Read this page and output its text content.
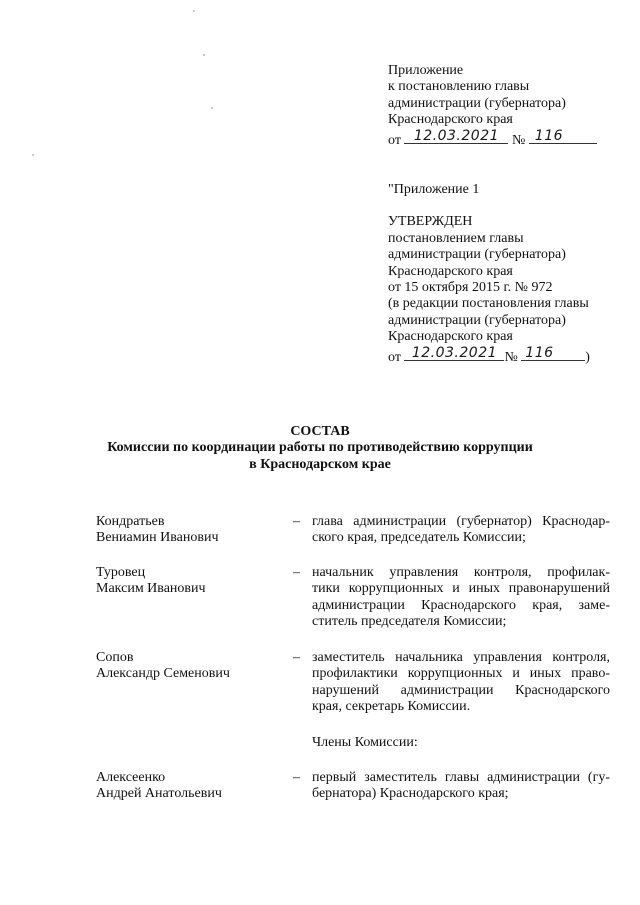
Приложение
к постановлению главы
администрации (губернатора)
Краснодарского края
от 12.03.2021 № 116
"Приложение 1
УТВЕРЖДЕН
постановлением главы
администрации (губернатора)
Краснодарского края
от 15 октября 2015 г. № 972
(в редакции постановления главы
администрации (губернатора)
Краснодарского края
от 12.03.2021 № 116	)
СОСТАВ
Комиссии по координации работы по противодействию коррупции
в Краснодарском крае
Кондратьев
Вениамин Иванович
– глава администрации (губернатор) Краснодар-
ского края, председатель Комиссии;
Туровец
Максим Иванович
– начальник управления контроля, профилак-
тики коррупционных и иных правонарушений
администрации Краснодарского края, заме-
ститель председателя Комиссии;
Сопов
Александр Семенович
– заместитель начальника управления контроля,
профилактики коррупционных и иных право-
нарушений администрации Краснодарского
края, секретарь Комиссии.
Члены Комиссии:
Алексеенко
Андрей Анатольевич
– первый заместитель главы администрации (гу-
бернатора) Краснодарского края;
